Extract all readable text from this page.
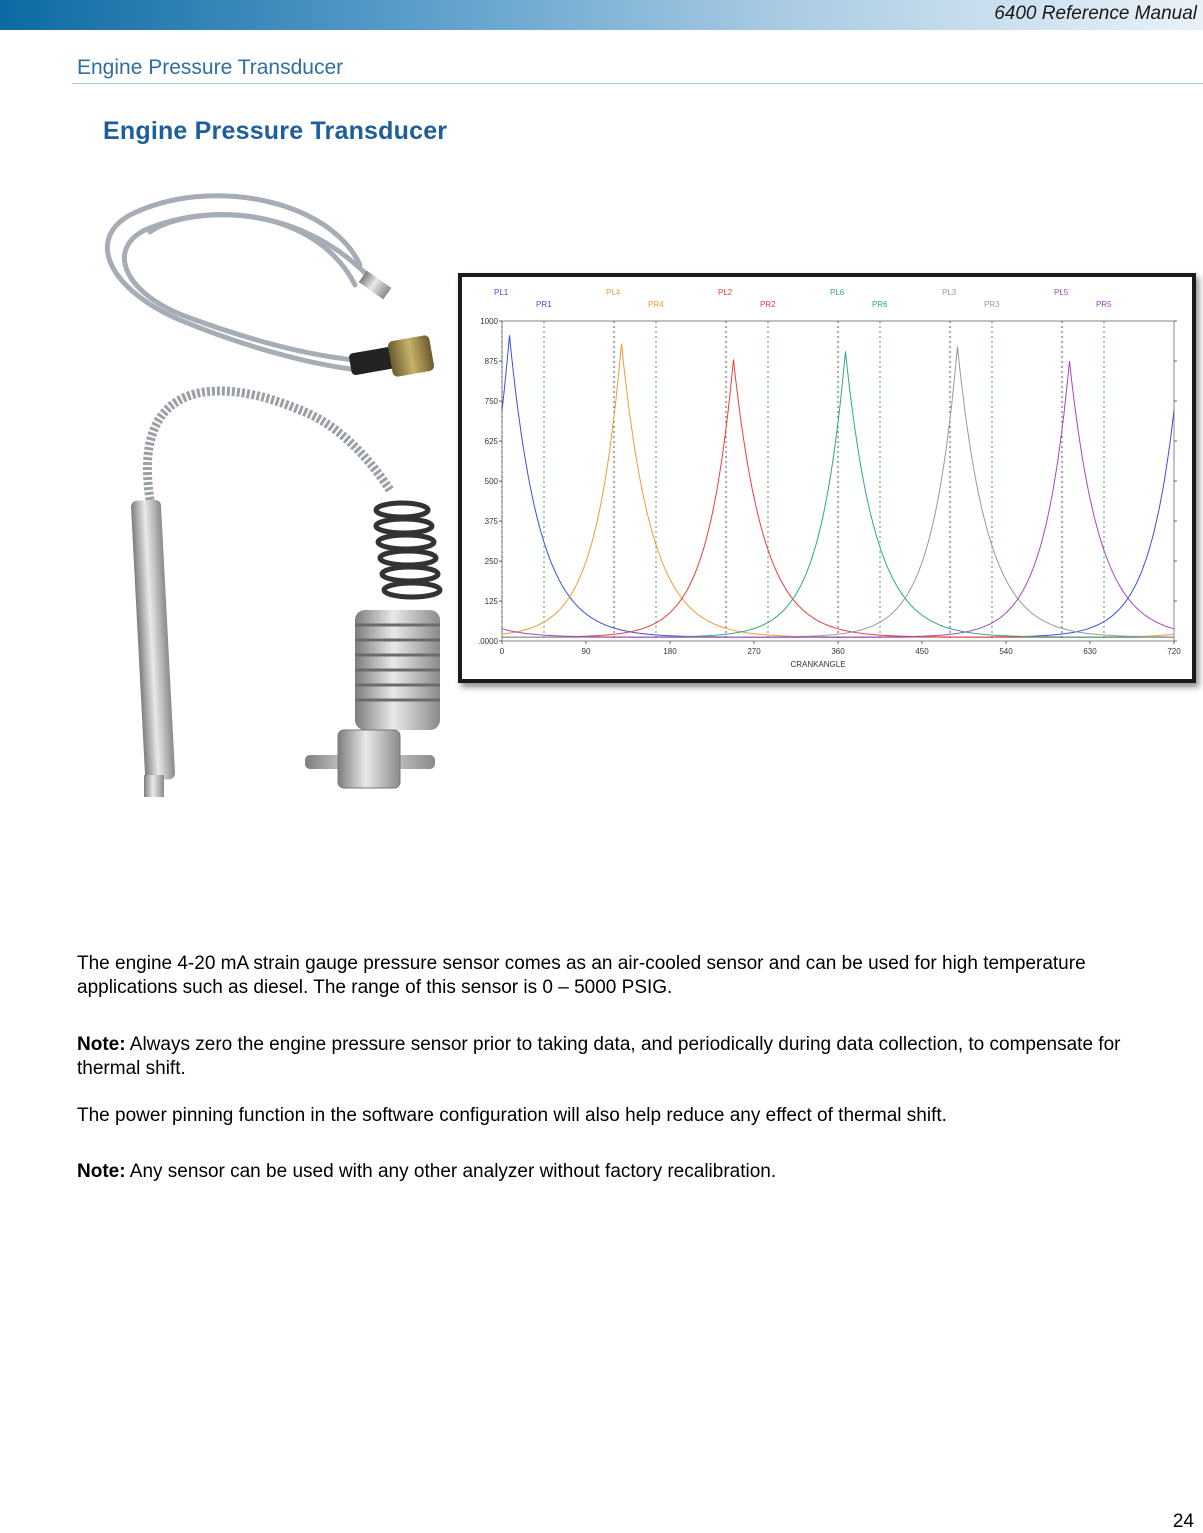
6400 Reference Manual
Engine Pressure Transducer
Engine Pressure Transducer
.0000
125
250
375
500
625
750
875
1000
0	90	180	270	360	450	540	630	720
CRANKANGLE
PL1
PR1
PL4
PR4
PL2
PR2
PL6
PR6
PL3
PR3
PL5
PR5
The engine 4-20 mA strain gauge pressure sensor comes as an air-cooled sensor and can be used for high temperature applications such as diesel. The range of this sensor is 0 – 5000 PSIG.
Note: Always zero the engine pressure sensor prior to taking data, and periodically during data collection, to compensate for thermal shift.
The power pinning function in the software configuration will also help reduce any effect of thermal shift.
Note: Any sensor can be used with any other analyzer without factory recalibration.
24
